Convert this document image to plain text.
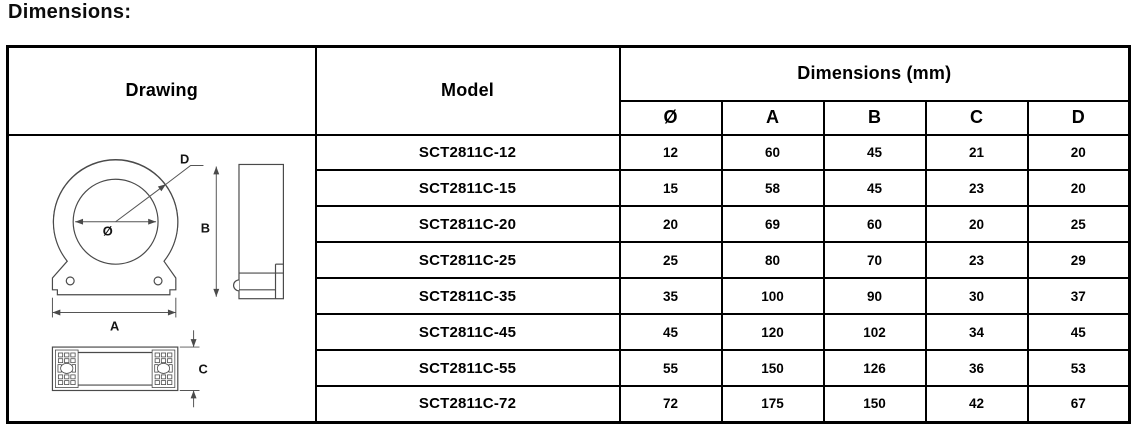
Dimensions:
Drawing	Model	Dimensions (mm)				
		Ø	A	B	C	D

Ø
D
A
B
C	SCT2811C-12	12	60	45	21	20
	SCT2811C-15	15	58	45	23	20
	SCT2811C-20	20	69	60	20	25
	SCT2811C-25	25	80	70	23	29
	SCT2811C-35	35	100	90	30	37
	SCT2811C-45	45	120	102	34	45
	SCT2811C-55	55	150	126	36	53
	SCT2811C-72	72	175	150	42	67
